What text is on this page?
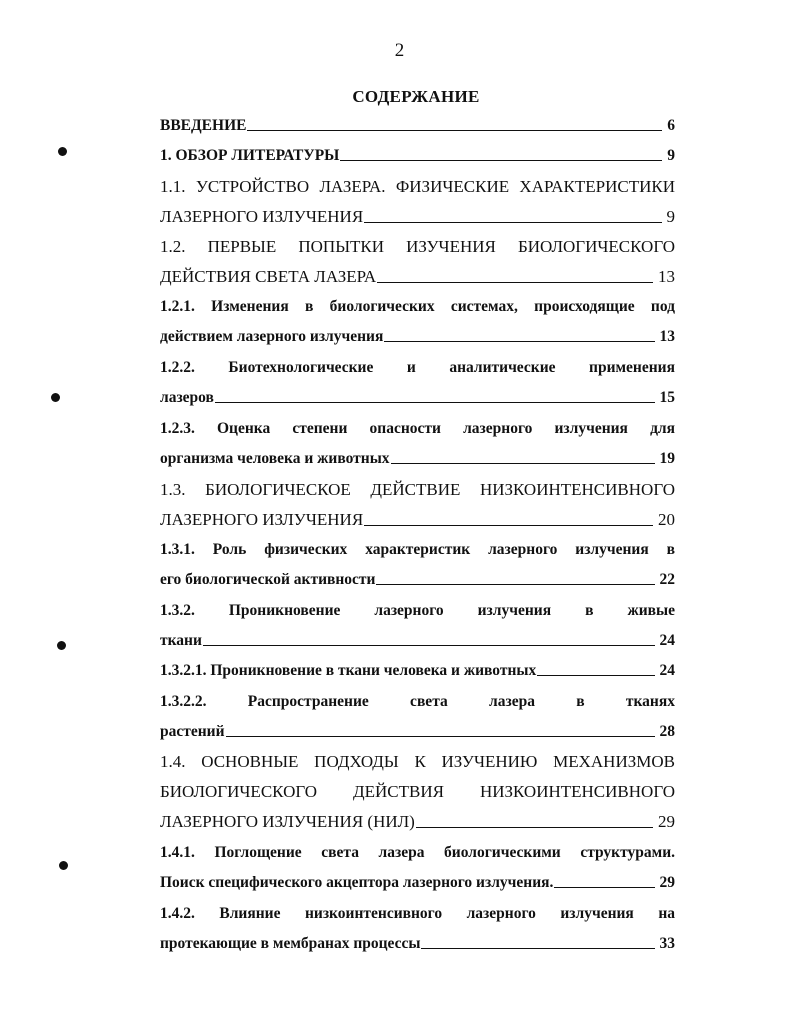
2
СОДЕРЖАНИЕ
ВВЕДЕНИЕ	6
1. ОБЗОР ЛИТЕРАТУРЫ	9
1.1. УСТРОЙСТВО ЛАЗЕРА. ФИЗИЧЕСКИЕ ХАРАКТЕРИСТИКИ
ЛАЗЕРНОГО ИЗЛУЧЕНИЯ	9
1.2. ПЕРВЫЕ ПОПЫТКИ ИЗУЧЕНИЯ БИОЛОГИЧЕСКОГО
ДЕЙСТВИЯ СВЕТА ЛАЗЕРА	13
1.2.1. Изменения в биологических системах, происходящие под
действием лазерного излучения	13
1.2.2. Биотехнологические и аналитические применения
лазеров	15
1.2.3. Оценка степени опасности лазерного излучения для
организма человека и животных	19
1.3. БИОЛОГИЧЕСКОЕ ДЕЙСТВИЕ НИЗКОИНТЕНСИВНОГО
ЛАЗЕРНОГО ИЗЛУЧЕНИЯ	20
1.3.1. Роль физических характеристик лазерного излучения в
его биологической активности	22
1.3.2. Проникновение лазерного излучения в живые
ткани	24
1.3.2.1. Проникновение в ткани человека и животных	24
1.3.2.2. Распространение света лазера в тканях
растений	28
1.4. ОСНОВНЫЕ ПОДХОДЫ К ИЗУЧЕНИЮ МЕХАНИЗМОВ
БИОЛОГИЧЕСКОГО ДЕЙСТВИЯ НИЗКОИНТЕНСИВНОГО
ЛАЗЕРНОГО ИЗЛУЧЕНИЯ (НИЛ)	29
1.4.1. Поглощение света лазера биологическими структурами.
Поиск специфического акцептора лазерного излучения.	29
1.4.2. Влияние низкоинтенсивного лазерного излучения на
протекающие в мембранах процессы	33
